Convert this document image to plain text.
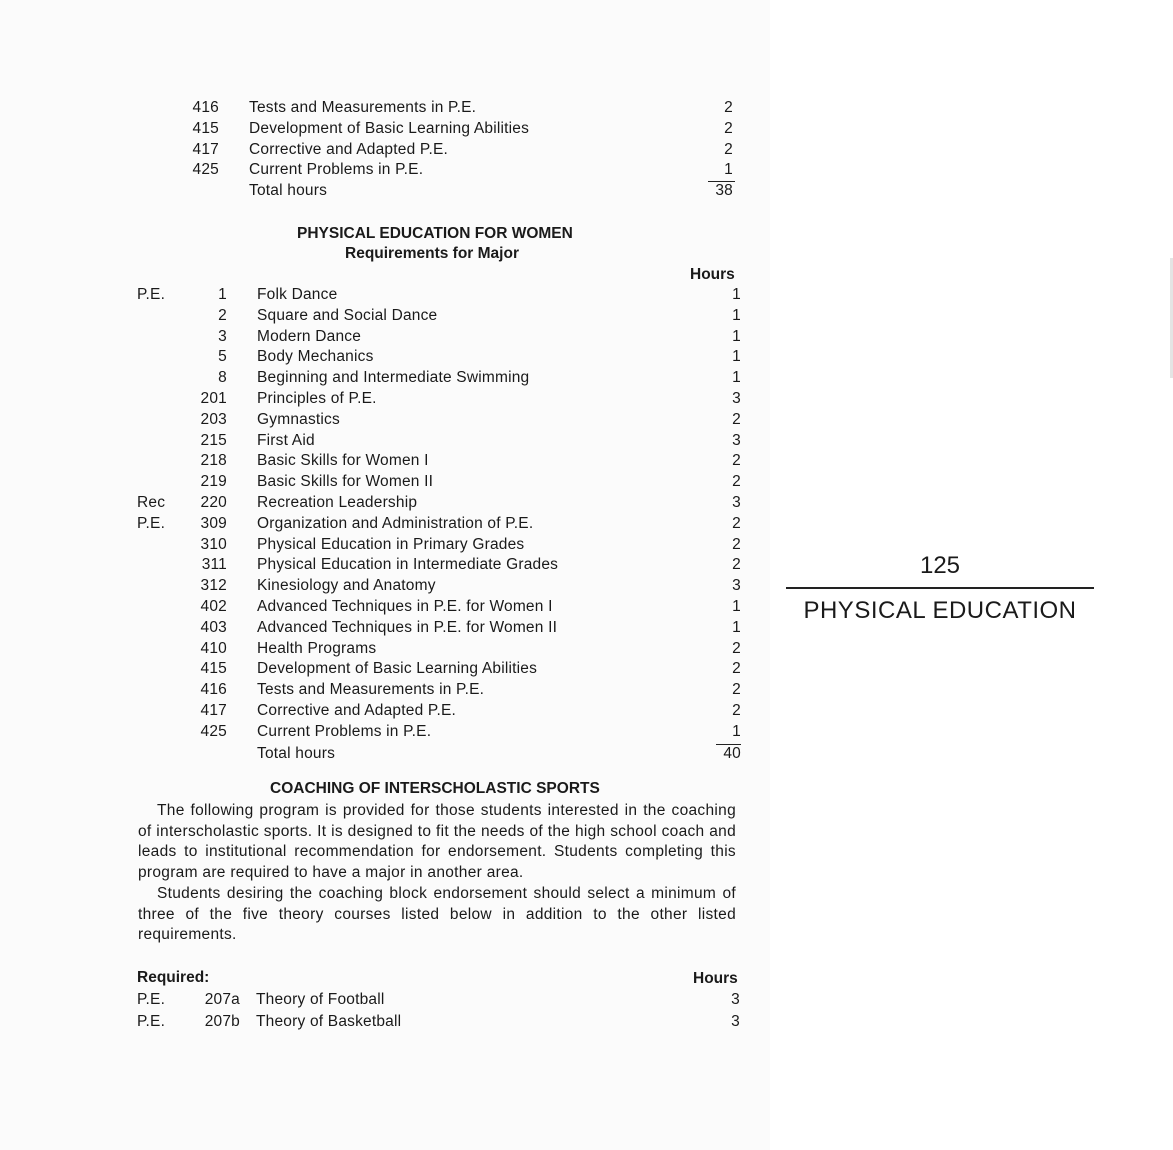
416 Tests and Measurements in P.E.	2
415 Development of Basic Learning Abilities	2
417 Corrective and Adapted P.E.	2
425 Current Problems in P.E.	1
Total hours	38
PHYSICAL EDUCATION FOR WOMEN
Requirements for Major
Hours
P.E.	1 Folk Dance	1
2 Square and Social Dance	1
3 Modern Dance	1
5 Body Mechanics	1
8 Beginning and Intermediate Swimming	1
201 Principles of P.E.	3
203 Gymnastics	2
215 First Aid	3
218 Basic Skills for Women I	2
219 Basic Skills for Women II	2
Rec	220 Recreation Leadership	3
P.E.	309 Organization and Administration of P.E.	2
310 Physical Education in Primary Grades	2
311 Physical Education in Intermediate Grades	2
312 Kinesiology and Anatomy	3
402 Advanced Techniques in P.E. for Women I	1
403 Advanced Techniques in P.E. for Women II	1
410 Health Programs	2
415 Development of Basic Learning Abilities	2
416 Tests and Measurements in P.E.	2
417 Corrective and Adapted P.E.	2
425 Current Problems in P.E.	1
Total hours	40
COACHING OF INTERSCHOLASTIC SPORTS

The following program is provided for those students interested in the coaching of interscholastic sports. It is designed to fit the needs of the high school coach and leads to institutional recommendation for endorsement. Students completing this program are required to have a major in another area.

Students desiring the coaching block endorsement should select a minimum of three of the five theory courses listed below in addition to the other listed requirements.

Required:	Hours
P.E.	207a Theory of Football	3
P.E.	207b Theory of Basketball	3
125
PHYSICAL EDUCATION
